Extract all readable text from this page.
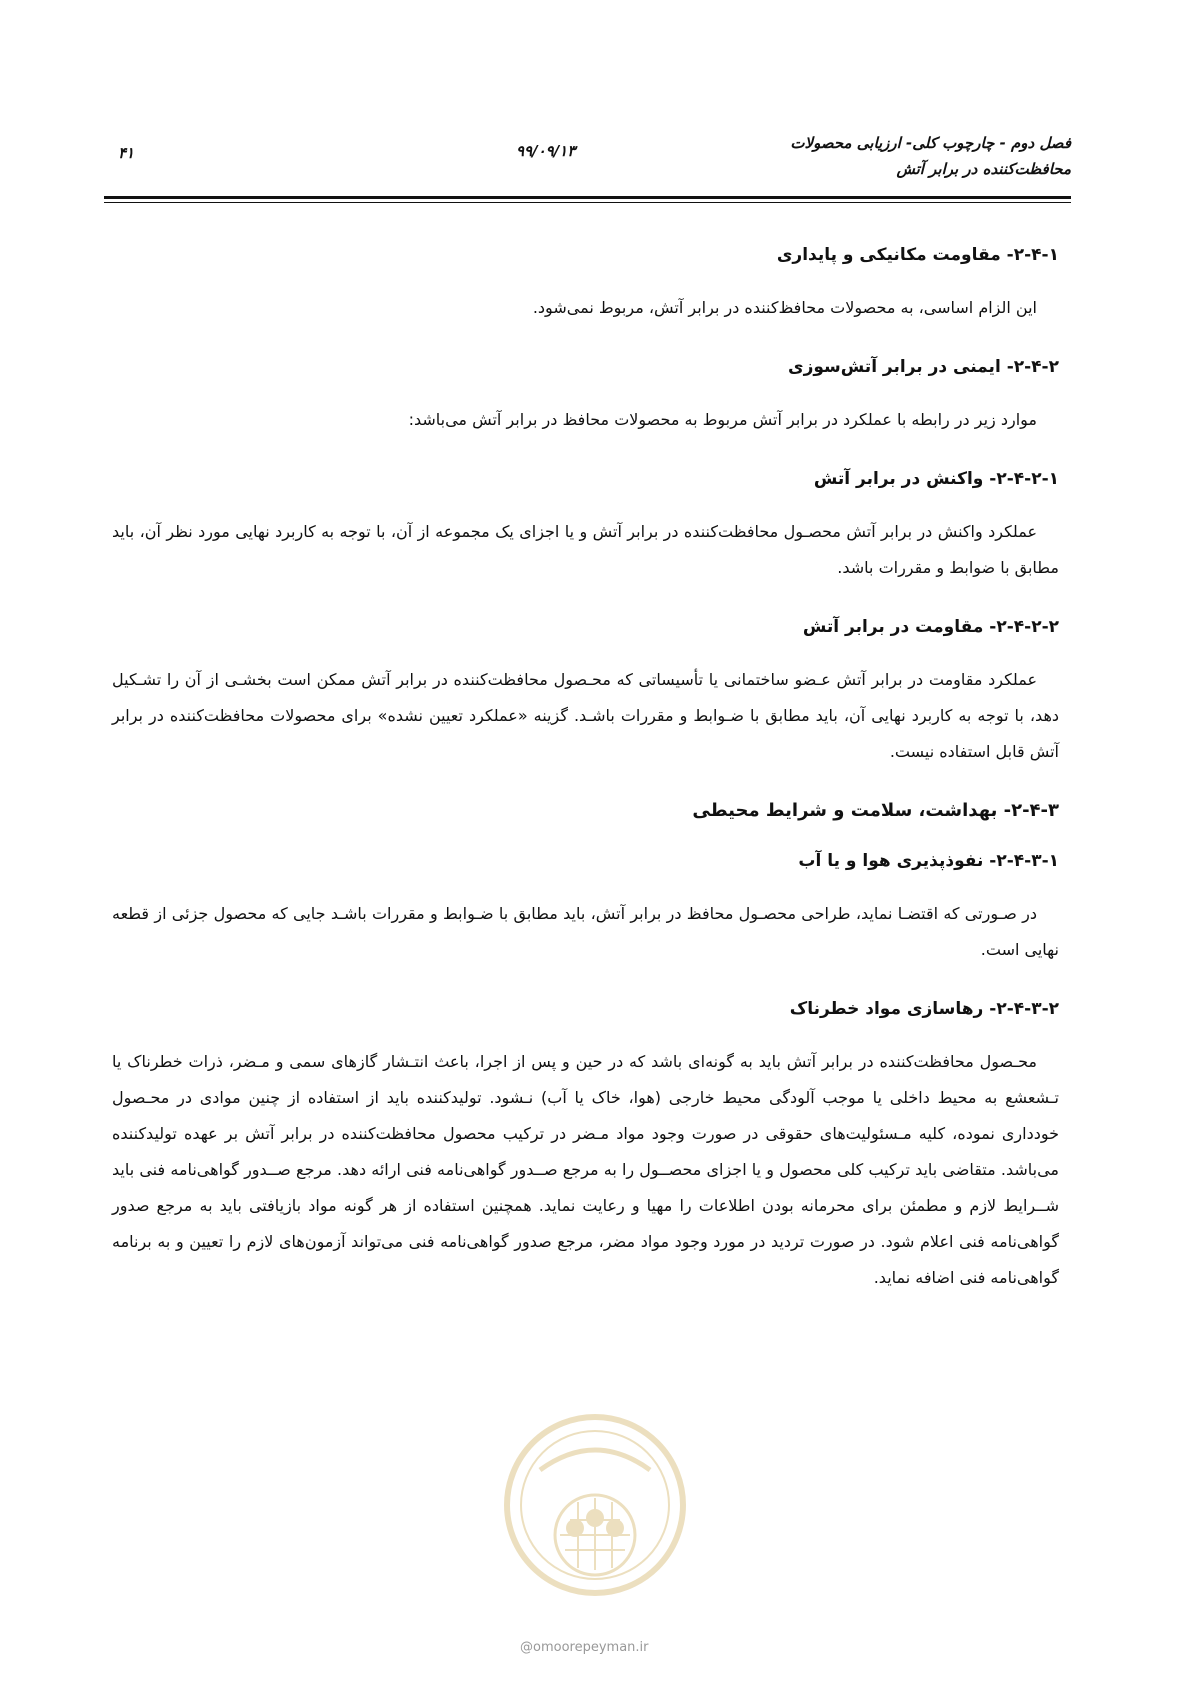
فصل دوم - چارچوب کلی- ارزیابی محصولات
محافظت‌کننده در برابر آتش
۹۹/۰۹/۱۳
۴۱
۲-۴-۱- مقاومت مکانیکی و پایداری

این الزام اساسی، به محصولات محافظ‌کننده در برابر آتش، مربوط نمی‌شود.

۲-۴-۲- ایمنی در برابر آتش‌سوزی

موارد زیر در رابطه با عملکرد در برابر آتش مربوط به محصولات محافظ در برابر آتش می‌باشد:

۲-۴-۲-۱- واکنش در برابر آتش

عملکرد واکنش در برابر آتش محصـول محافظت‌کننده در برابر آتش و یا اجزای یک مجموعه از آن، با توجه به کاربرد نهایی مورد نظر آن، باید مطابق با ضوابط و مقررات باشد.

۲-۴-۲-۲- مقاومت در برابر آتش

عملکرد مقاومت در برابر آتش عـضو ساختمانی یا تأسیساتی که محـصول محافظت‌کننده در برابر آتش ممکن است بخشـی از آن را تشـکیل دهد، با توجه به کاربرد نهایی آن، باید مطابق با ضـوابط و مقررات باشـد. گزینه «عملکرد تعیین نشده» برای محصولات محافظت‌کننده در برابر آتش قابل استفاده نیست.

۲-۴-۳- بهداشت، سلامت و شرایط محیطی
۲-۴-۳-۱- نفوذپذیری هوا و یا آب

در صـورتی که اقتضـا نماید، طراحی محصـول محافظ در برابر آتش، باید مطابق با ضـوابط و مقررات باشـد جایی که محصول جزئی از قطعه نهایی است.

۲-۴-۳-۲- رهاسازی مواد خطرناک

محـصول محافظت‌کننده در برابر آتش باید به گونه‌ای باشد که در حین و پس از اجرا، باعث انتـشار گازهای سمی و مـضر، ذرات خطرناک یا تـشعشع به محیط داخلی یا موجب آلودگی محیط خارجی (هوا، خاک یا آب) نـشود. تولیدکننده باید از استفاده از چنین موادی در محـصول خودداری نموده، کلیه مـسئولیت‌های حقوقی در صورت وجود مواد مـضر در ترکیب محصول محافظت‌کننده در برابر آتش بر عهده تولیدکننده می‌باشد. متقاضی باید ترکیب کلی محصول و یا اجزای محصــول را به مرجع صــدور گواهی‌نامه فنی ارائه دهد. مرجع صــدور گواهی‌نامه فنی باید شــرایط لازم و مطمئن برای محرمانه بودن اطلاعات را مهیا و رعایت نماید. همچنین استفاده از هر گونه مواد بازیافتی باید به مرجع صدور گواهی‌نامه فنی اعلام شود. در صورت تردید در مورد وجود مواد مضر، مرجع صدور گواهی‌نامه فنی می‌تواند آزمون‌های لازم را تعیین و به برنامه گواهی‌نامه فنی اضافه نماید.

@omoorepeyman.ir
